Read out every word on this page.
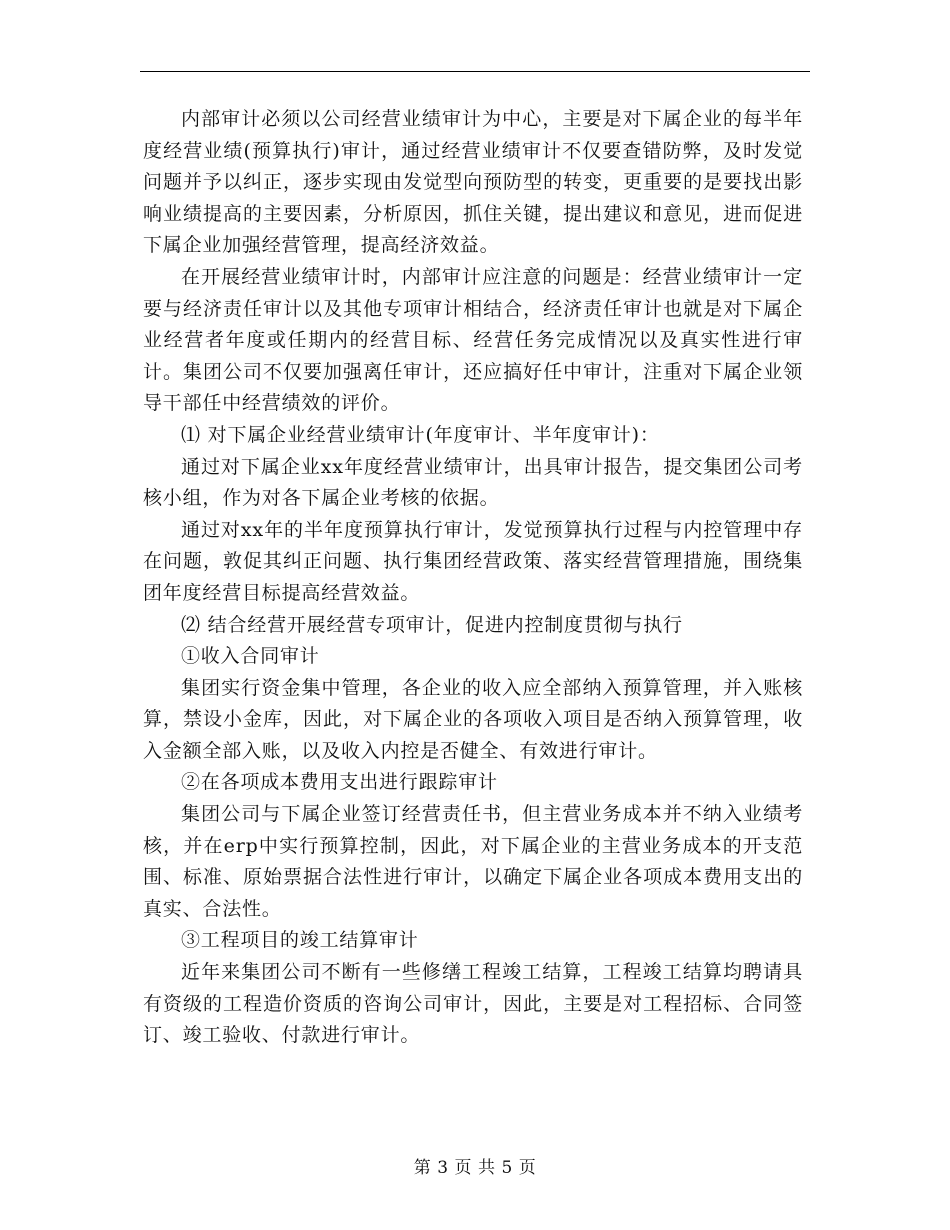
内部审计必须以公司经营业绩审计为中心，主要是对下属企业的每半年度经营业绩(预算执行)审计，通过经营业绩审计不仅要查错防弊，及时发觉问题并予以纠正，逐步实现由发觉型向预防型的转变，更重要的是要找出影响业绩提高的主要因素，分析原因，抓住关键，提出建议和意见，进而促进下属企业加强经营管理，提高经济效益。

在开展经营业绩审计时，内部审计应注意的问题是：经营业绩审计一定要与经济责任审计以及其他专项审计相结合，经济责任审计也就是对下属企业经营者年度或任期内的经营目标、经营任务完成情况以及真实性进行审计。集团公司不仅要加强离任审计，还应搞好任中审计，注重对下属企业领导干部任中经营绩效的评价。

⑴ 对下属企业经营业绩审计(年度审计、半年度审计)：

通过对下属企业xx年度经营业绩审计，出具审计报告，提交集团公司考核小组，作为对各下属企业考核的依据。

通过对xx年的半年度预算执行审计，发觉预算执行过程与内控管理中存在问题，敦促其纠正问题、执行集团经营政策、落实经营管理措施，围绕集团年度经营目标提高经营效益。

⑵ 结合经营开展经营专项审计，促进内控制度贯彻与执行

①收入合同审计

集团实行资金集中管理，各企业的收入应全部纳入预算管理，并入账核算，禁设小金库，因此，对下属企业的各项收入项目是否纳入预算管理，收入金额全部入账，以及收入内控是否健全、有效进行审计。

②在各项成本费用支出进行跟踪审计

集团公司与下属企业签订经营责任书，但主营业务成本并不纳入业绩考核，并在erp中实行预算控制，因此，对下属企业的主营业务成本的开支范围、标准、原始票据合法性进行审计，以确定下属企业各项成本费用支出的真实、合法性。

③工程项目的竣工结算审计

近年来集团公司不断有一些修缮工程竣工结算，工程竣工结算均聘请具有资级的工程造价资质的咨询公司审计，因此，主要是对工程招标、合同签订、竣工验收、付款进行审计。

第 3 页 共 5 页
